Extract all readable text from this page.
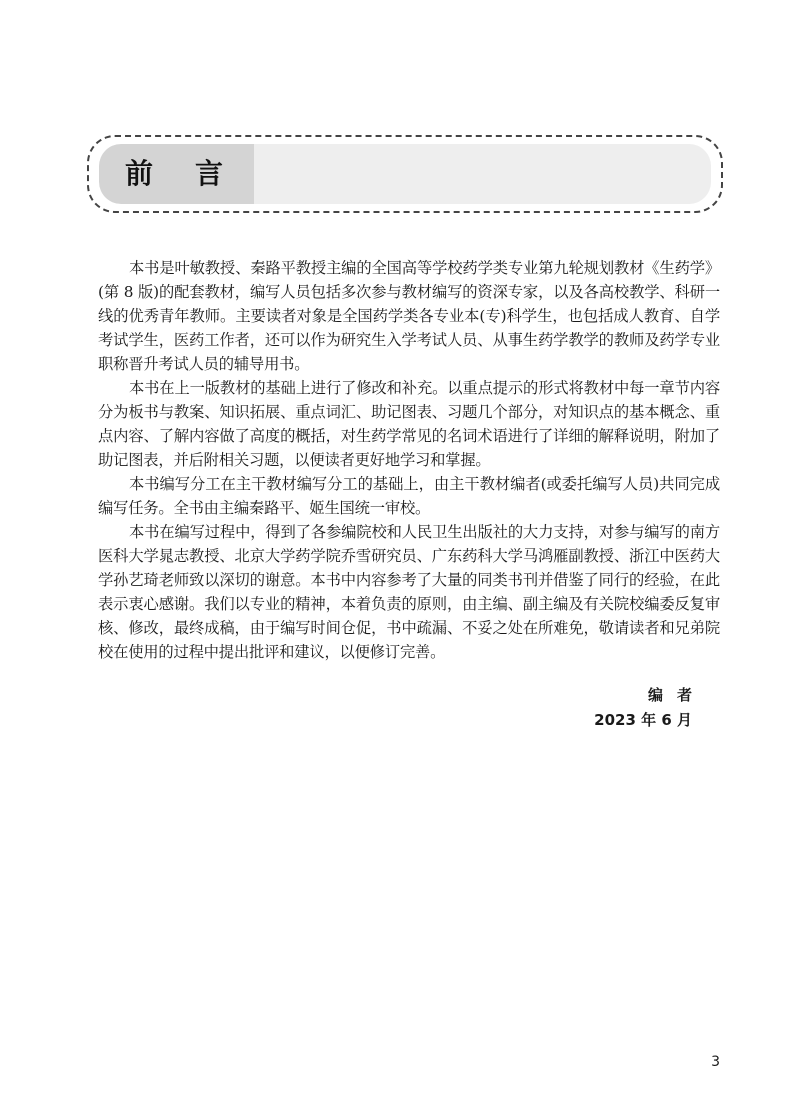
前言

本书是叶敏教授、秦路平教授主编的全国高等学校药学类专业第九轮规划教材《生药学》(第 8 版)的配套教材，编写人员包括多次参与教材编写的资深专家，以及各高校教学、科研一线的优秀青年教师。主要读者对象是全国药学类各专业本(专)科学生，也包括成人教育、自学考试学生，医药工作者，还可以作为研究生入学考试人员、从事生药学教学的教师及药学专业职称晋升考试人员的辅导用书。

本书在上一版教材的基础上进行了修改和补充。以重点提示的形式将教材中每一章节内容分为板书与教案、知识拓展、重点词汇、助记图表、习题几个部分，对知识点的基本概念、重点内容、了解内容做了高度的概括，对生药学常见的名词术语进行了详细的解释说明，附加了助记图表，并后附相关习题，以便读者更好地学习和掌握。

本书编写分工在主干教材编写分工的基础上，由主干教材编者(或委托编写人员)共同完成编写任务。全书由主编秦路平、姬生国统一审校。

本书在编写过程中，得到了各参编院校和人民卫生出版社的大力支持，对参与编写的南方医科大学晁志教授、北京大学药学院乔雪研究员、广东药科大学马鸿雁副教授、浙江中医药大学孙艺琦老师致以深切的谢意。本书中内容参考了大量的同类书刊并借鉴了同行的经验，在此表示衷心感谢。我们以专业的精神，本着负责的原则，由主编、副主编及有关院校编委反复审核、修改，最终成稿，由于编写时间仓促，书中疏漏、不妥之处在所难免，敬请读者和兄弟院校在使用的过程中提出批评和建议，以便修订完善。

编者
2023 年 6 月
3
